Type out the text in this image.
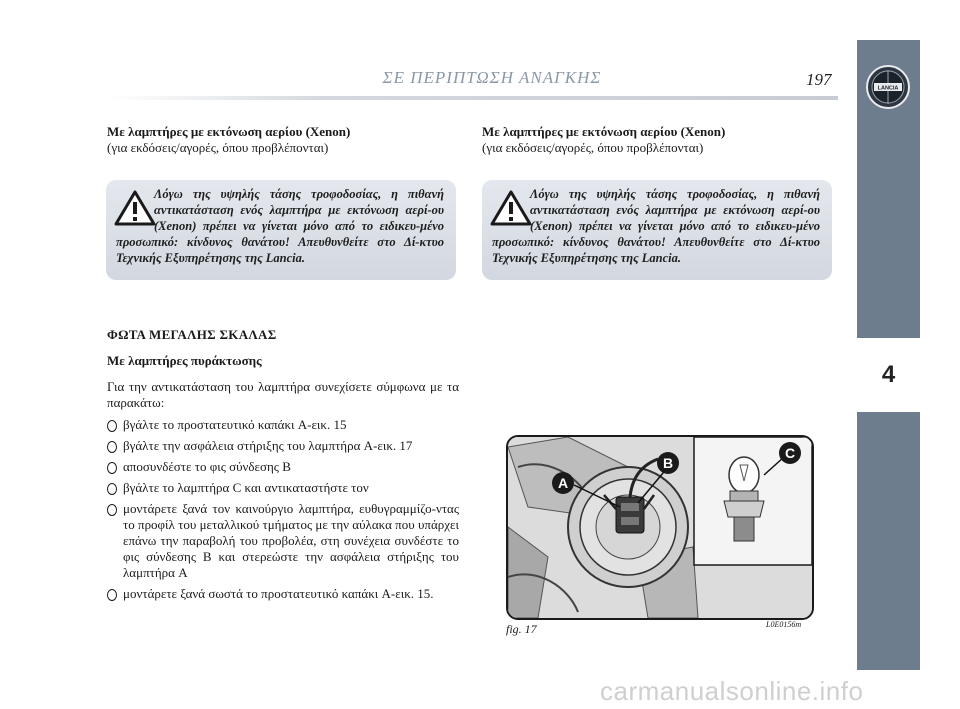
ΣΕ ΠΕΡΙΠΤΩΣΗ ΑΝΑΓΚΗΣ	197	LANCIA
4
Με λαμπτήρες με εκτόνωση αερίου (Xenon)
(για εκδόσεις/αγορές, όπου προβλέπονται)
Λόγω της υψηλής τάσης τροφοδοσίας, η πιθανή αντικατάσταση ενός λαμπτήρα με εκτόνωση αερί-ου (Xenon) πρέπει να γίνεται μόνο από το ειδικευ-μένο προσωπικό: κίνδυνος θανάτου! Απευθυνθείτε στο Δί-κτυο Τεχνικής Εξυπηρέτησης της Lancia.
Με λαμπτήρες με εκτόνωση αερίου (Xenon)
(για εκδόσεις/αγορές, όπου προβλέπονται)
Λόγω της υψηλής τάσης τροφοδοσίας, η πιθανή αντικατάσταση ενός λαμπτήρα με εκτόνωση αερί-ου (Xenon) πρέπει να γίνεται μόνο από το ειδικευ-μένο προσωπικό: κίνδυνος θανάτου! Απευθυνθείτε στο Δί-κτυο Τεχνικής Εξυπηρέτησης της Lancia.
ΦΩΤΑ ΜΕΓΑΛΗΣ ΣΚΑΛΑΣ
Με λαμπτήρες πυράκτωσης
Για την αντικατάσταση του λαμπτήρα συνεχίσετε σύμφωνα με τα παρακάτω:
βγάλτε το προστατευτικό καπάκι A-εικ. 15
βγάλτε την ασφάλεια στήριξης του λαμπτήρα A-εικ. 17
αποσυνδέστε το φις σύνδεσης B
βγάλτε το λαμπτήρα C και αντικαταστήστε τον
μοντάρετε ξανά τον καινούργιο λαμπτήρα, ευθυγραμμίζο-ντας το προφίλ του μεταλλικού τμήματος με την αύλακα που υπάρχει επάνω την παραβολή του προβολέα, στη συνέχεια συνδέστε το φις σύνδεσης B και στερεώστε την ασφάλεια στήριξης του λαμπτήρα A
μοντάρετε ξανά σωστά το προστατευτικό καπάκι A-εικ. 15.
A
B
C
fig. 17	L0E0156m
carmanualsonline.info
